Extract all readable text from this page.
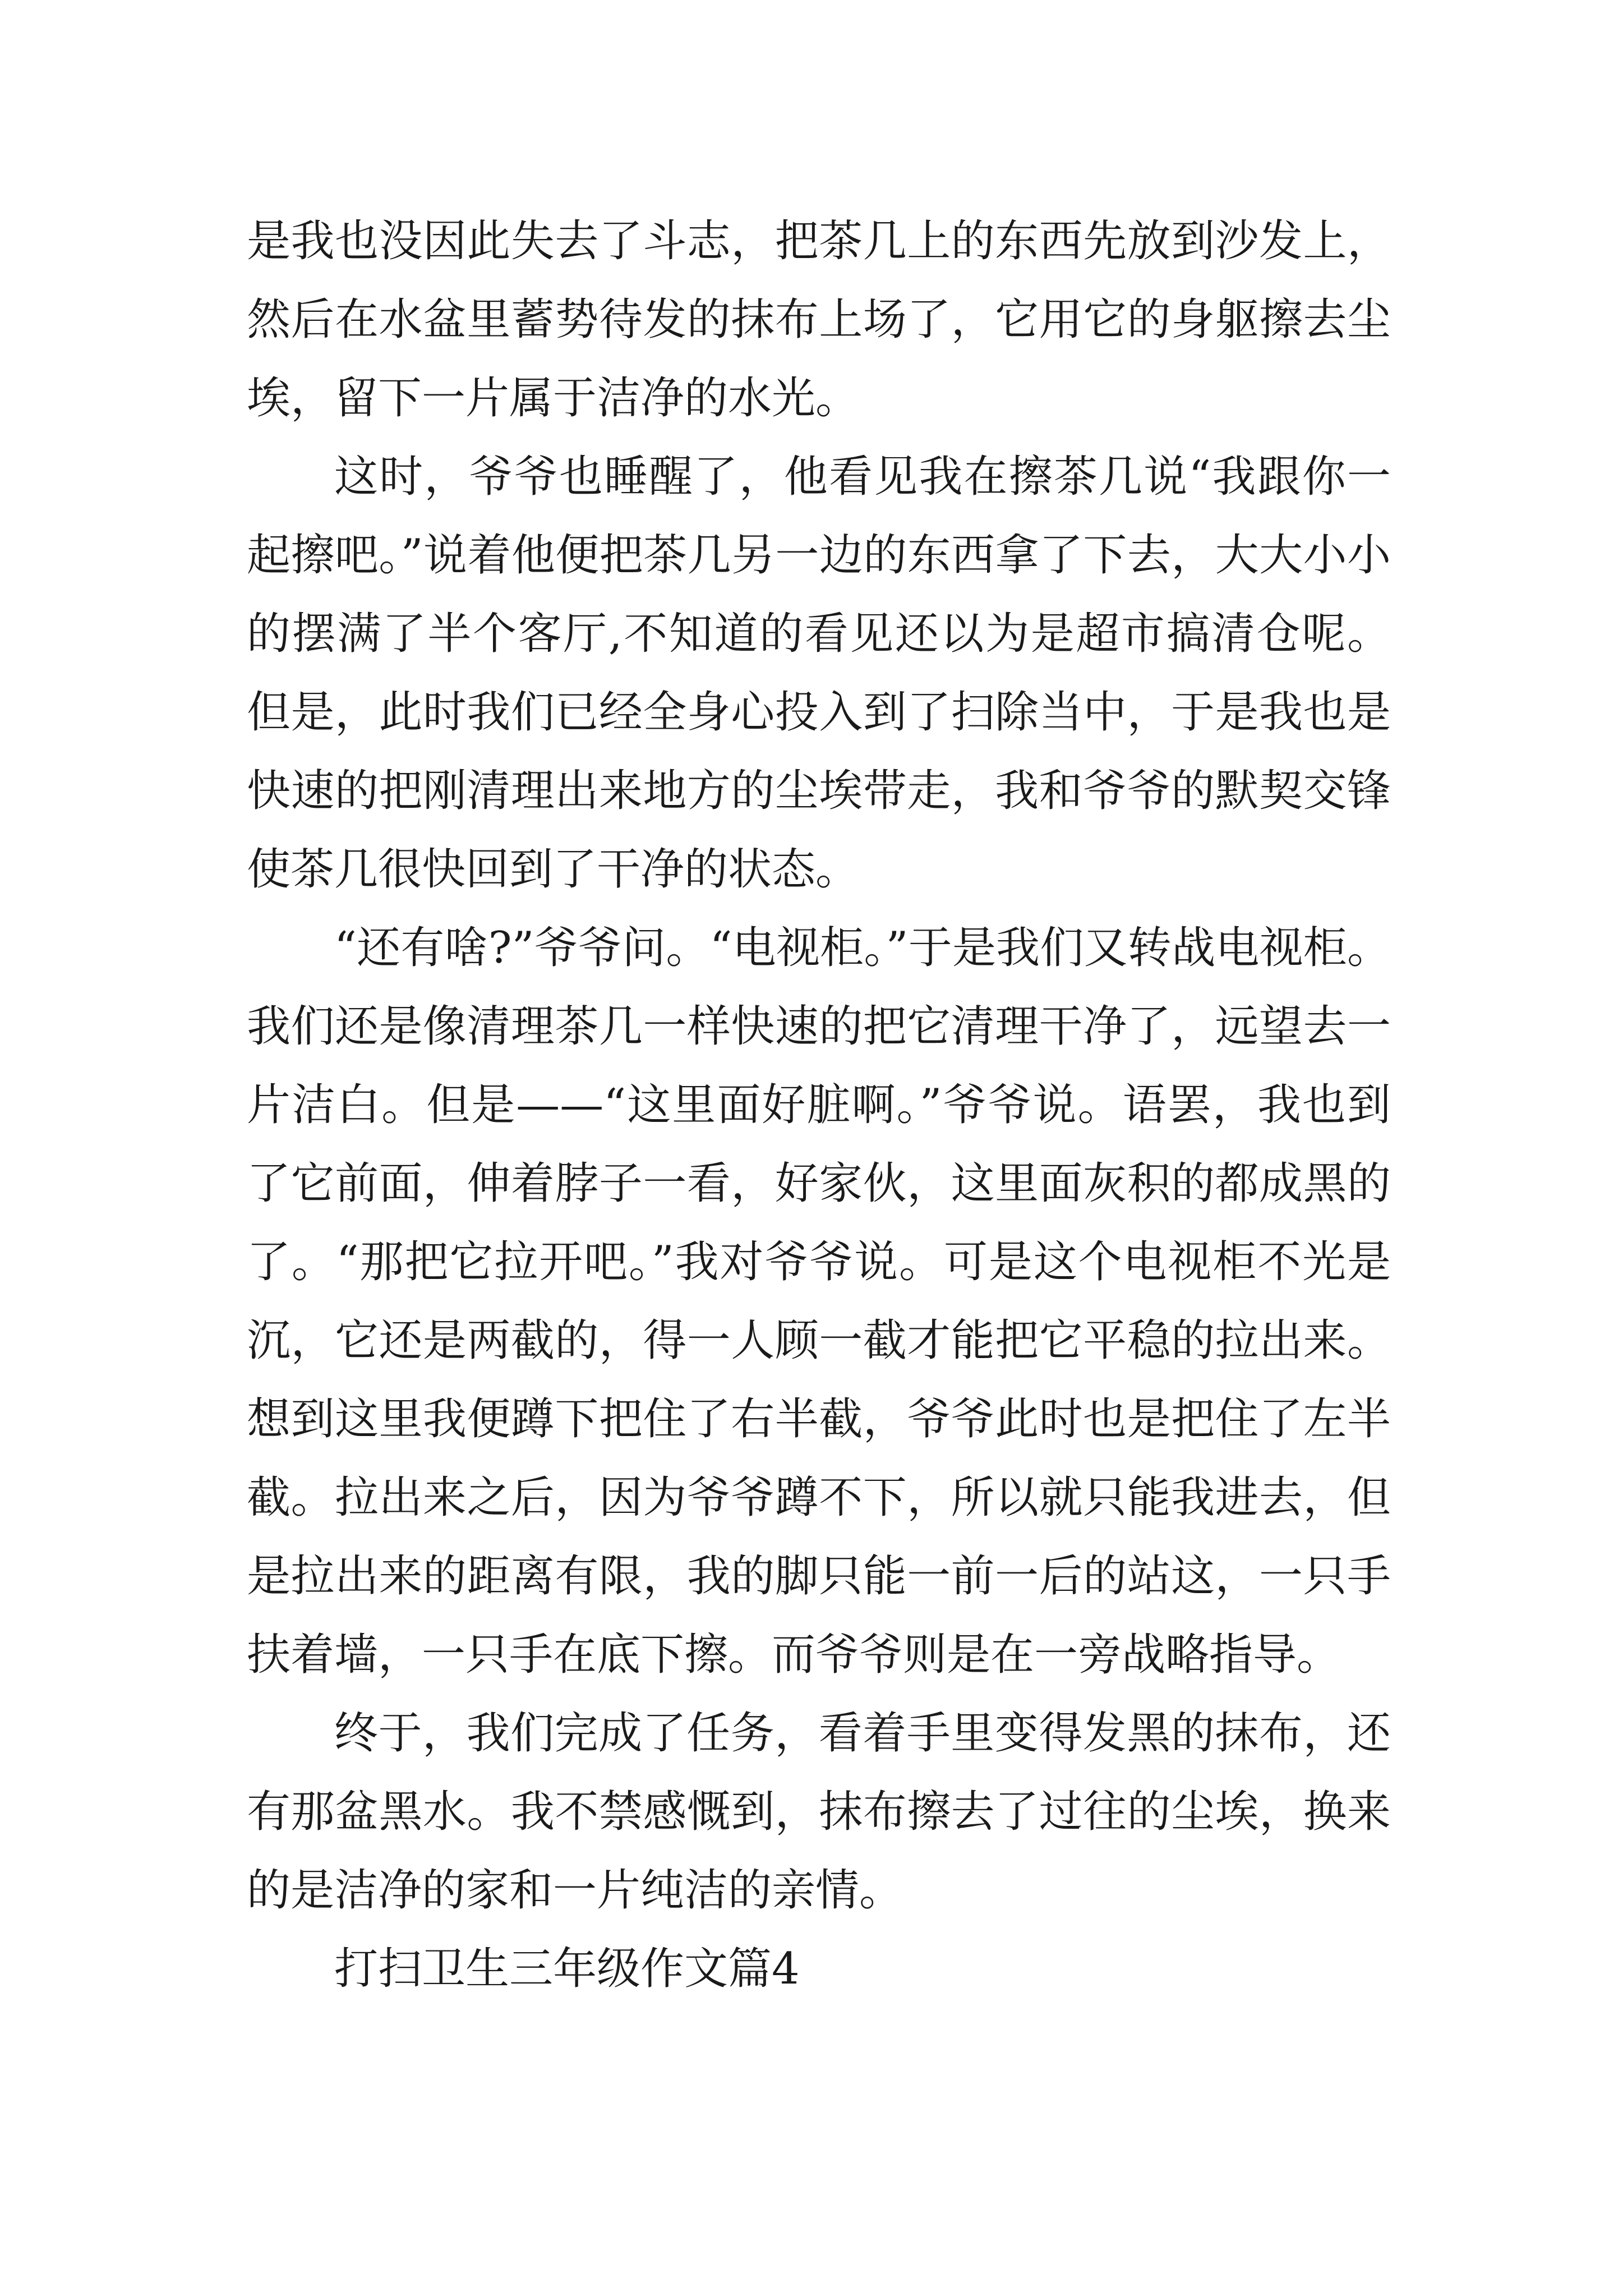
是我也没因此失去了斗志，把茶几上的东西先放到沙发上，然后在水盆里蓄势待发的抹布上场了，它用它的身躯擦去尘埃，留下一片属于洁净的水光。

这时，爷爷也睡醒了，他看见我在擦茶几说“我跟你一起擦吧。”说着他便把茶几另一边的东西拿了下去，大大小小的摆满了半个客厅,不知道的看见还以为是超市搞清仓呢。但是，此时我们已经全身心投入到了扫除当中，于是我也是快速的把刚清理出来地方的尘埃带走，我和爷爷的默契交锋使茶几很快回到了干净的状态。

“还有啥?”爷爷问。“电视柜。”于是我们又转战电视柜。我们还是像清理茶几一样快速的把它清理干净了，远望去一片洁白。但是——“这里面好脏啊。”爷爷说。语罢，我也到了它前面，伸着脖子一看，好家伙，这里面灰积的都成黑的了。“那把它拉开吧。”我对爷爷说。可是这个电视柜不光是沉，它还是两截的，得一人顾一截才能把它平稳的拉出来。想到这里我便蹲下把住了右半截，爷爷此时也是把住了左半截。拉出来之后，因为爷爷蹲不下，所以就只能我进去，但是拉出来的距离有限，我的脚只能一前一后的站这，一只手扶着墙，一只手在底下擦。而爷爷则是在一旁战略指导。

终于，我们完成了任务，看着手里变得发黑的抹布，还有那盆黑水。我不禁感慨到，抹布擦去了过往的尘埃，换来的是洁净的家和一片纯洁的亲情。

打扫卫生三年级作文篇4
